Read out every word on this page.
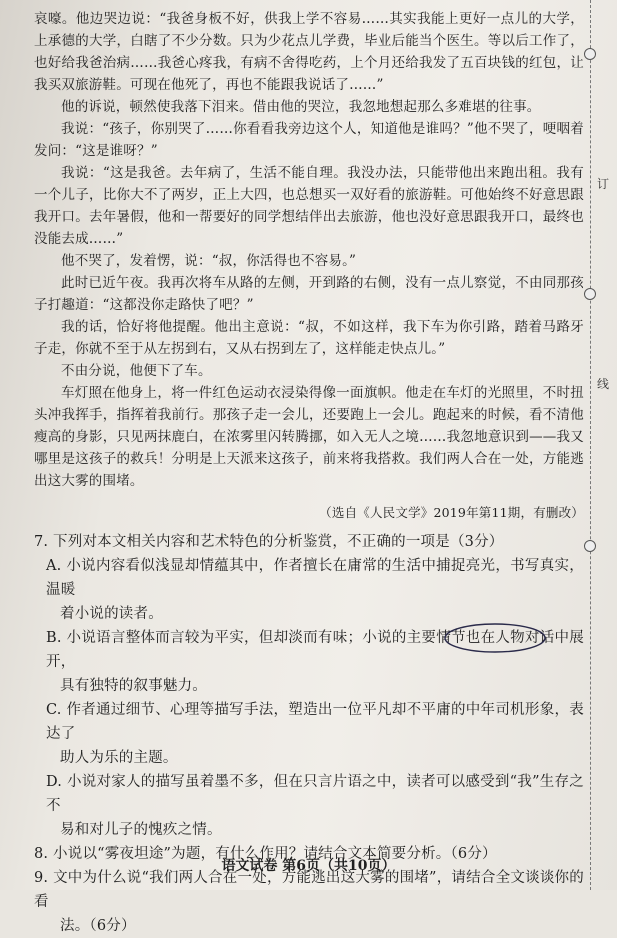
订
线

哀嚎。他边哭边说：“我爸身板不好，供我上学不容易……其实我能上更好一点儿的大学，上承德的大学，白瞎了不少分数。只为少花点儿学费，毕业后能当个医生。等以后工作了，也好给我爸治病……我爸心疼我，有病不舍得吃药，上个月还给我发了五百块钱的红包，让我买双旅游鞋。可现在他死了，再也不能跟我说话了……”

他的诉说，顿然使我落下泪来。借由他的哭泣，我忽地想起那么多难堪的往事。

我说：“孩子，你别哭了……你看看我旁边这个人，知道他是谁吗？”他不哭了，哽咽着发问：“这是谁呀？”

我说：“这是我爸。去年病了，生活不能自理。我没办法，只能带他出来跑出租。我有一个儿子，比你大不了两岁，正上大四，也总想买一双好看的旅游鞋。可他始终不好意思跟我开口。去年暑假，他和一帮要好的同学想结伴出去旅游，他也没好意思跟我开口，最终也没能去成……”

他不哭了，发着愣，说：“叔，你活得也不容易。”

此时已近午夜。我再次将车从路的左侧，开到路的右侧，没有一点儿察觉，不由同那孩子打趣道：“这都没你走路快了吧？”

我的话，恰好将他提醒。他出主意说：“叔，不如这样，我下车为你引路，踏着马路牙子走，你就不至于从左拐到右，又从右拐到左了，这样能走快点儿。”

不由分说，他便下了车。

车灯照在他身上，将一件红色运动衣浸染得像一面旗帜。他走在车灯的光照里，不时扭头冲我挥手，指挥着我前行。那孩子走一会儿，还要跑上一会儿。跑起来的时候，看不清他瘦高的身影，只见两抹鹿白，在浓雾里闪转腾挪，如入无人之境……我忽地意识到——我又哪里是这孩子的救兵！分明是上天派来这孩子，前来将我搭救。我们两人合在一处，方能逃出这大雾的围堵。

（选自《人民文学》2019年第11期，有删改）

7. 下列对本文相关内容和艺术特色的分析鉴赏，不正确的一项是（3分）

A. 小说内容看似浅显却情蕴其中，作者擅长在庸常的生活中捕捉亮光，书写真实，温暖

着小说的读者。

B. 小说语言整体而言较为平实，但却淡而有味；小说的主要情节也在人物对话中展开，

具有独特的叙事魅力。

C. 作者通过细节、心理等描写手法，塑造出一位平凡却不平庸的中年司机形象，表达了

助人为乐的主题。

D. 小说对家人的描写虽着墨不多，但在只言片语之中，读者可以感受到“我”生存之不

易和对儿子的愧疚之情。

8. 小说以“雾夜坦途”为题，有什么作用？请结合文本简要分析。（6分）

9. 文中为什么说“我们两人合在一处，方能逃出这大雾的围堵”，请结合全文谈谈你的看

法。（6分）

语文试卷 第6页（共10页）
